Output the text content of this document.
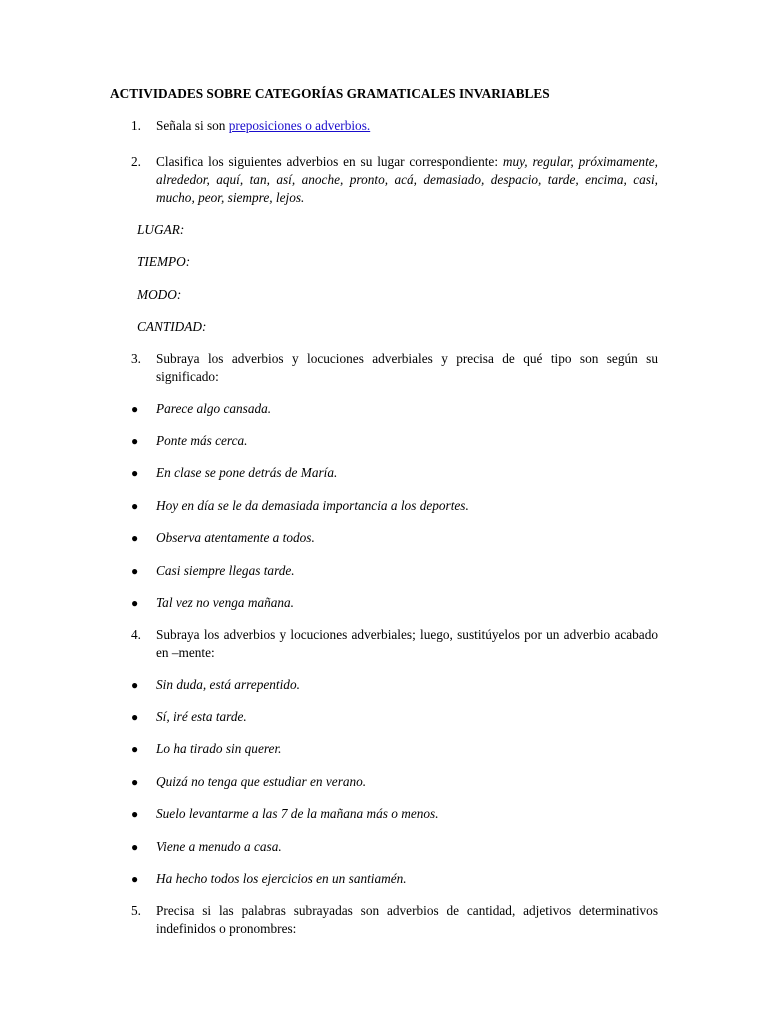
ACTIVIDADES SOBRE CATEGORÍAS GRAMATICALES INVARIABLES
1. Señala si son preposiciones o adverbios.
2. Clasifica los siguientes adverbios en su lugar correspondiente: muy, regular, próximamente, alrededor, aquí, tan, así, anoche, pronto, acá, demasiado, despacio, tarde, encima, casi, mucho, peor, siempre, lejos.
LUGAR:
TIEMPO:
MODO:
CANTIDAD:
3. Subraya los adverbios y locuciones adverbiales y precisa de qué tipo son según su significado:
● Parece algo cansada.
● Ponte más cerca.
● En clase se pone detrás de María.
● Hoy en día se le da demasiada importancia a los deportes.
● Observa atentamente a todos.
● Casi siempre llegas tarde.
● Tal vez no venga mañana.
4. Subraya los adverbios y locuciones adverbiales; luego, sustitúyelos por un adverbio acabado en –mente:
● Sin duda, está arrepentido.
● Sí, iré esta tarde.
● Lo ha tirado sin querer.
● Quizá no tenga que estudiar en verano.
● Suelo levantarme a las 7 de la mañana más o menos.
● Viene a menudo a casa.
● Ha hecho todos los ejercicios en un santiamén.
5. Precisa si las palabras subrayadas son adverbios de cantidad, adjetivos determinativos indefinidos o pronombres:
